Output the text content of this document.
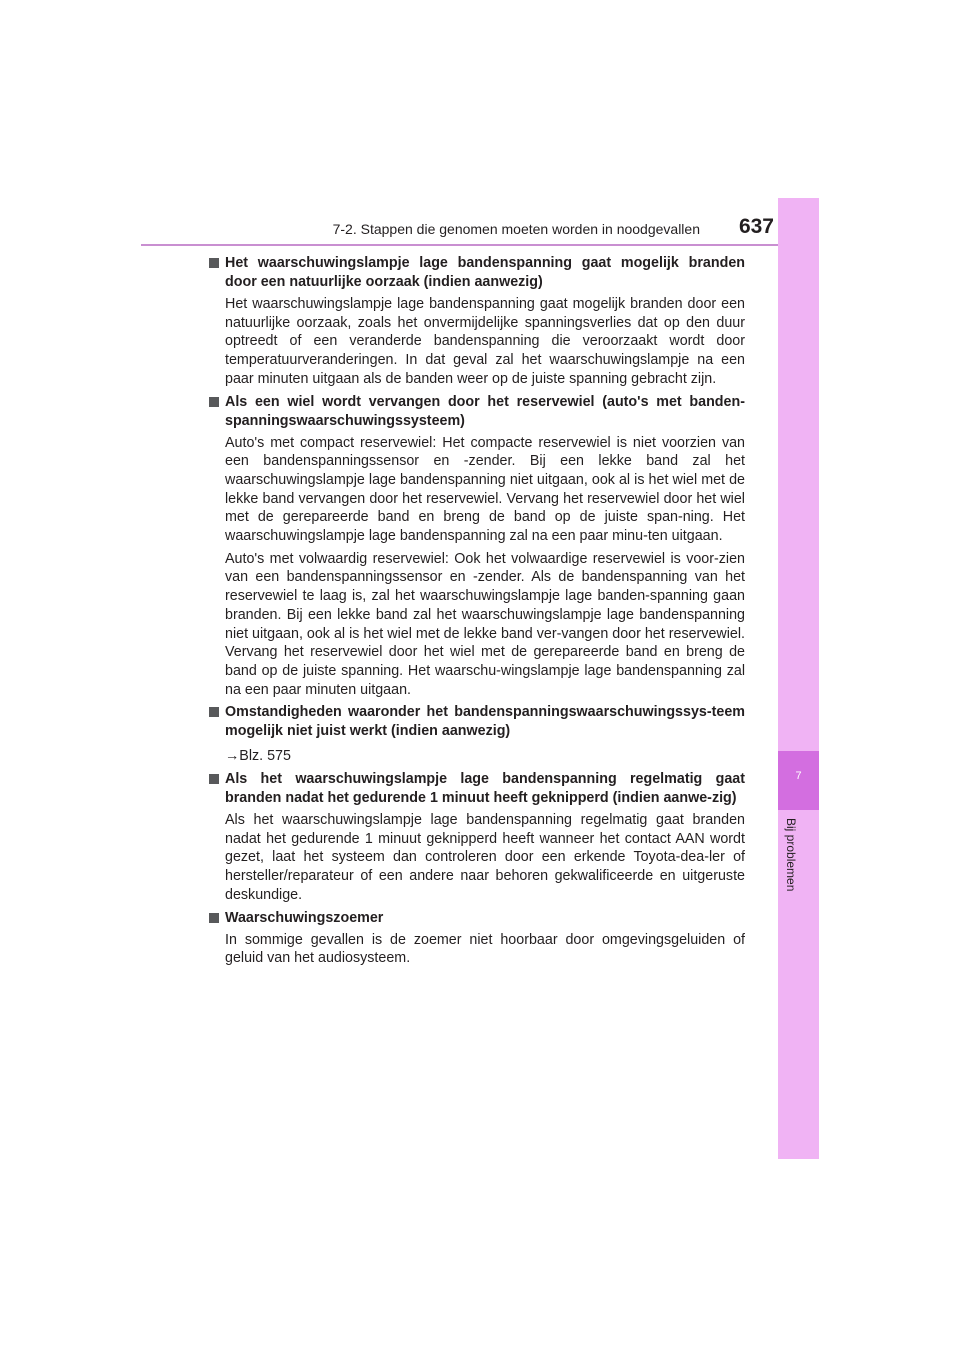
7-2. Stappen die genomen moeten worden in noodgevallen	637
7
Bij problemen

Het waarschuwingslampje lage bandenspanning gaat mogelijk branden door een natuurlijke oorzaak (indien aanwezig)

Het waarschuwingslampje lage bandenspanning gaat mogelijk branden door een natuurlijke oorzaak, zoals het onvermijdelijke spanningsverlies dat op den duur optreedt of een veranderde bandenspanning die veroorzaakt wordt door temperatuurveranderingen. In dat geval zal het waarschuwingslampje na een paar minuten uitgaan als de banden weer op de juiste spanning gebracht zijn.

Als een wiel wordt vervangen door het reservewiel (auto's met banden-spanningswaarschuwingssysteem)

Auto's met compact reservewiel: Het compacte reservewiel is niet voorzien van een bandenspanningssensor en -zender. Bij een lekke band zal het waarschuwingslampje lage bandenspanning niet uitgaan, ook al is het wiel met de lekke band vervangen door het reservewiel. Vervang het reservewiel door het wiel met de gerepareerde band en breng de band op de juiste span-ning. Het waarschuwingslampje lage bandenspanning zal na een paar minu-ten uitgaan.

Auto's met volwaardig reservewiel: Ook het volwaardige reservewiel is voor-zien van een bandenspanningssensor en -zender. Als de bandenspanning van het reservewiel te laag is, zal het waarschuwingslampje lage banden-spanning gaan branden. Bij een lekke band zal het waarschuwingslampje lage bandenspanning niet uitgaan, ook al is het wiel met de lekke band ver-vangen door het reservewiel. Vervang het reservewiel door het wiel met de gerepareerde band en breng de band op de juiste spanning. Het waarschu-wingslampje lage bandenspanning zal na een paar minuten uitgaan.

Omstandigheden waaronder het bandenspanningswaarschuwingssys-teem mogelijk niet juist werkt (indien aanwezig)

→Blz. 575

Als het waarschuwingslampje lage bandenspanning regelmatig gaat branden nadat het gedurende 1 minuut heeft geknipperd (indien aanwe-zig)

Als het waarschuwingslampje lage bandenspanning regelmatig gaat branden nadat het gedurende 1 minuut geknipperd heeft wanneer het contact AAN wordt gezet, laat het systeem dan controleren door een erkende Toyota-dea-ler of hersteller/reparateur of een andere naar behoren gekwalificeerde en uitgeruste deskundige.

Waarschuwingszoemer

In sommige gevallen is de zoemer niet hoorbaar door omgevingsgeluiden of geluid van het audiosysteem.
